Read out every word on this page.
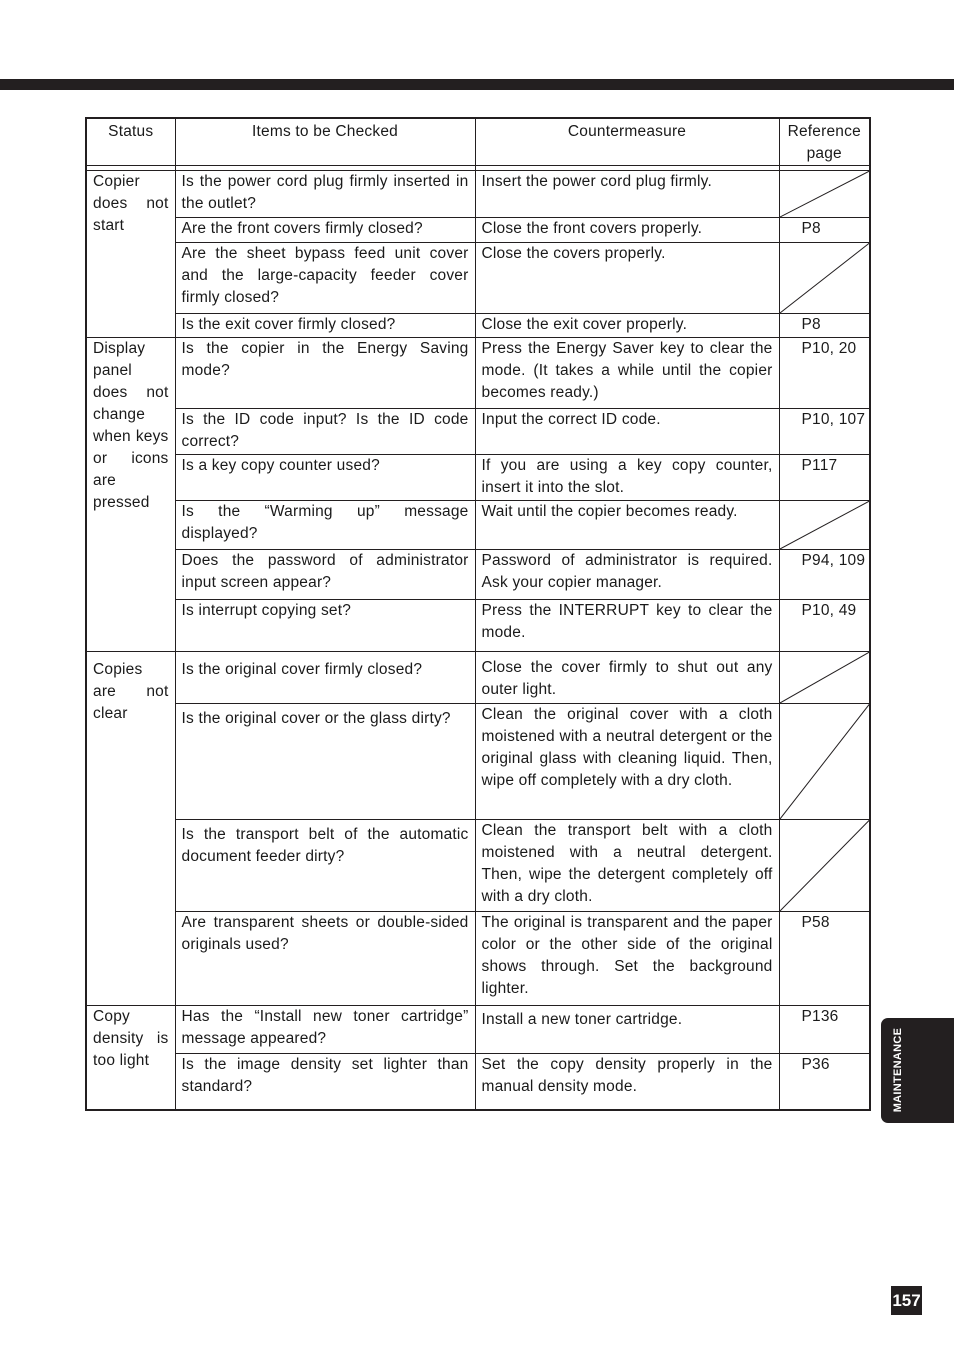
Status	Items to be Checked	Countermeasure	Reference page

Copier does not start	Is the power cord plug firmly inserted in the outlet?	Insert the power cord plug firmly.	

	Are the front covers firmly closed?	Close the front covers properly.	P8
	Are the sheet bypass feed unit cover and the large-capacity feeder cover firmly closed?	Close the covers properly.	

	Is the exit cover firmly closed?	Close the exit cover properly.	P8
Display panel does not change when keys or icons are pressed	Is the copier in the Energy Saving mode?	Press the Energy Saver key to clear the mode. (It takes a while until the copier becomes ready.)	P10, 20
	Is the ID code input? Is the ID code correct?	Input the correct ID code.	P10, 107
	Is a key copy counter used?	If you are using a key copy counter, insert it into the slot.	P117
	Is the “Warming up” message displayed?	Wait until the copier becomes ready.	

	Does the password of administrator input screen appear?	Password of administrator is required. Ask your copier manager.	P94, 109
	Is interrupt copying set?	Press the INTERRUPT key to clear the mode.	P10, 49
Copies are not clear	Is the original cover firmly closed?	Close the cover firmly to shut out any outer light.	

	Is the original cover or the glass dirty?	Clean the original cover with a cloth moistened with a neutral detergent or the original glass with cleaning liquid. Then, wipe off completely with a dry cloth.	

	Is the transport belt of the automatic document feeder dirty?	Clean the transport belt with a cloth moistened with a neutral detergent. Then, wipe the detergent completely off with a dry cloth.	

	Are transparent sheets or double-sided originals used?	The original is transparent and the paper color or the other side of the original shows through. Set the background lighter.	P58
Copy density is too light	Has the “Install new toner cartridge” message appeared?	Install a new toner cartridge.	P136
	Is the image density set lighter than standard?	Set the copy density properly in the manual density mode.	P36	MAINTENANCE
157
